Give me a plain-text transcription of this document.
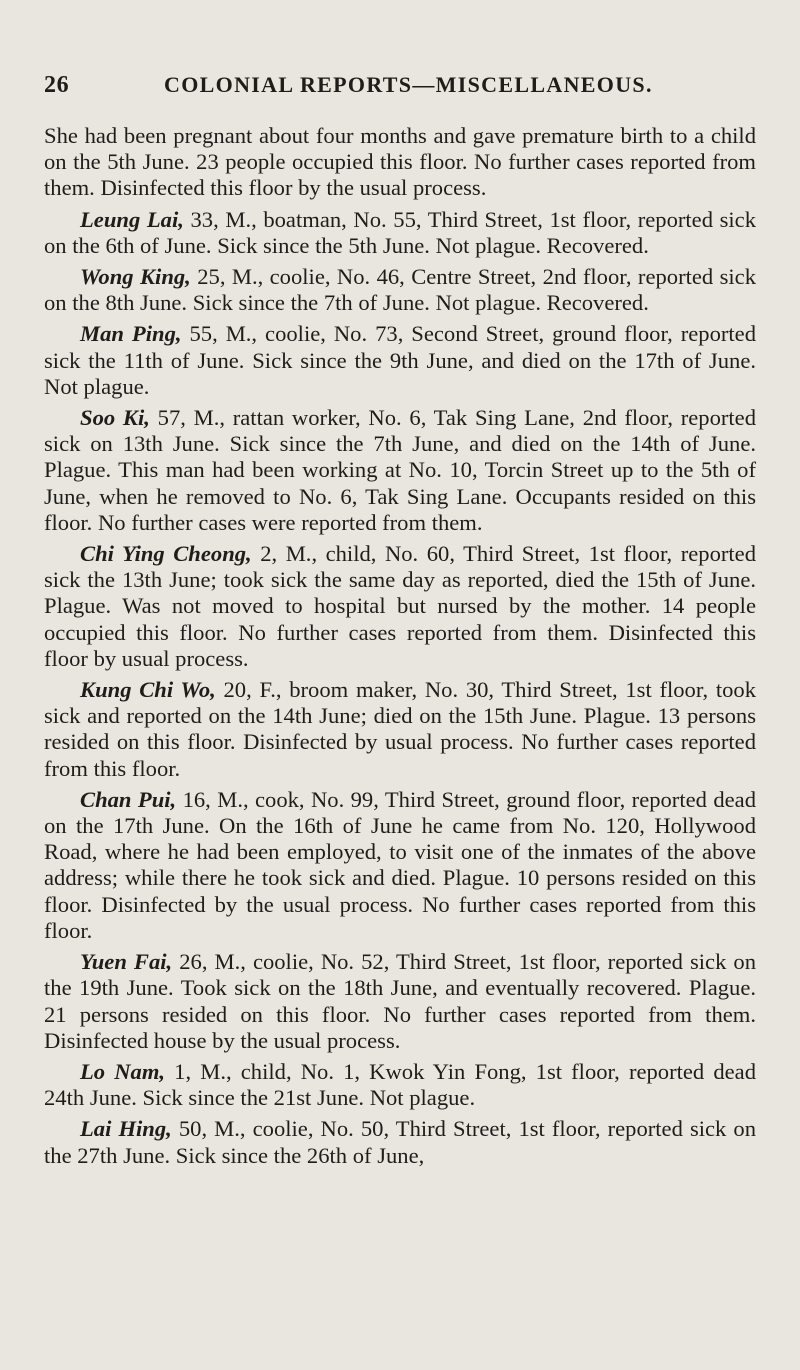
26	COLONIAL REPORTS—MISCELLANEOUS.

She had been pregnant about four months and gave premature birth to a child on the 5th June. 23 people occupied this floor. No further cases reported from them. Disinfected this floor by the usual process.

Leung Lai, 33, M., boatman, No. 55, Third Street, 1st floor, reported sick on the 6th of June. Sick since the 5th June. Not plague. Recovered.

Wong King, 25, M., coolie, No. 46, Centre Street, 2nd floor, reported sick on the 8th June. Sick since the 7th of June. Not plague. Recovered.

Man Ping, 55, M., coolie, No. 73, Second Street, ground floor, reported sick the 11th of June. Sick since the 9th June, and died on the 17th of June. Not plague.

Soo Ki, 57, M., rattan worker, No. 6, Tak Sing Lane, 2nd floor, reported sick on 13th June. Sick since the 7th June, and died on the 14th of June. Plague. This man had been working at No. 10, Torcin Street up to the 5th of June, when he removed to No. 6, Tak Sing Lane. Occupants resided on this floor. No further cases were reported from them.

Chi Ying Cheong, 2, M., child, No. 60, Third Street, 1st floor, reported sick the 13th June; took sick the same day as reported, died the 15th of June. Plague. Was not moved to hospital but nursed by the mother. 14 people occupied this floor. No further cases reported from them. Disinfected this floor by usual process.

Kung Chi Wo, 20, F., broom maker, No. 30, Third Street, 1st floor, took sick and reported on the 14th June; died on the 15th June. Plague. 13 persons resided on this floor. Disinfected by usual process. No further cases reported from this floor.

Chan Pui, 16, M., cook, No. 99, Third Street, ground floor, reported dead on the 17th June. On the 16th of June he came from No. 120, Hollywood Road, where he had been employed, to visit one of the inmates of the above address; while there he took sick and died. Plague. 10 persons resided on this floor. Disinfected by the usual process. No further cases reported from this floor.

Yuen Fai, 26, M., coolie, No. 52, Third Street, 1st floor, reported sick on the 19th June. Took sick on the 18th June, and eventually recovered. Plague. 21 persons resided on this floor. No further cases reported from them. Disinfected house by the usual process.

Lo Nam, 1, M., child, No. 1, Kwok Yin Fong, 1st floor, reported dead 24th June. Sick since the 21st June. Not plague.

Lai Hing, 50, M., coolie, No. 50, Third Street, 1st floor, reported sick on the 27th June. Sick since the 26th of June,
